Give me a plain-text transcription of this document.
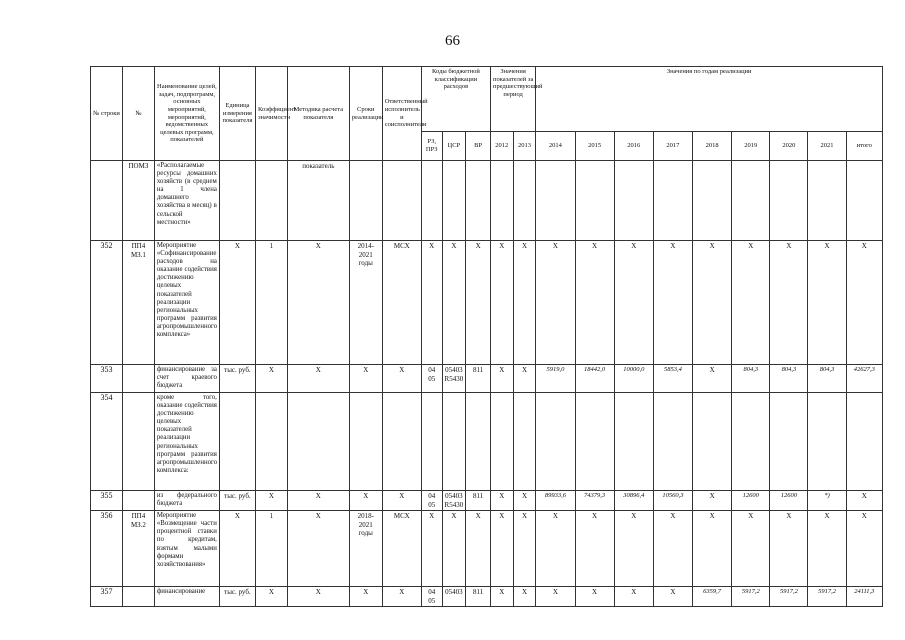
66
№ строки	№	Наименование целей, задач, подпрограмм, основных мероприятий, мероприятий, ведомственных целевых программ, показателей	Единица измерения показателя	Коэффициент значимости	Методика расчета показателя	Сроки реализации	Ответственный исполнитель и соисполнители	Коды бюджетной классификации расходов			Значения показателей за предшествующий период		Значения по годам реализации								
								РЗ, ПРЗ	ЦСР	ВР	2012	2013	2014	2015	2016	2017	2018	2019	2020	2021	итого
	ПОМЗ	«Располагаемые ресурсы домашних хозяйств (в среднем на 1 члена домашнего хозяйства в месяц) в сельской местности»			показатель																
352	ПП4 МЗ.1	Мероприятие «Софинансирование расходов на оказание содействия достижению целевых показателей реализации региональных программ развития агропромышленного комплекса»	X	1	X	2014-2021 годы	МСХ	X	X	X	X	X	X	X	X	X	X	X	X	X	X
353		финансирование за счет краевого бюджета	тыс. руб.	X	X	X	X	04 05	05403 R5430	811	X	X	5919,0	18442,0	10000,0	5853,4	X	804,3	804,3	804,3	42627,3
354		кроме того, оказание содействия достижению целевых показателей реализации региональных программ развития агропромышленного комплекса:																			
355		из федерального бюджета	тыс. руб.	X	X	X	X	04 05	05403 R5430	811	X	X	89933,6	74379,3	30896,4	10560,3	X	12600	12600	*)	X
356	ПП4 МЗ.2	Мероприятие «Возмещение части процентной ставки по кредитам, взятым малыми формами хозяйствования»	X	1	X	2018-2021 годы	МСХ	X	X	X	X	X	X	X	X	X	X	X	X	X	X
357		финансирование	тыс. руб.	X	X	X	X	04 05	05403	811	X	X	X	X	X	X	6359,7	5917,2	5917,2	5917,2	24111,3
